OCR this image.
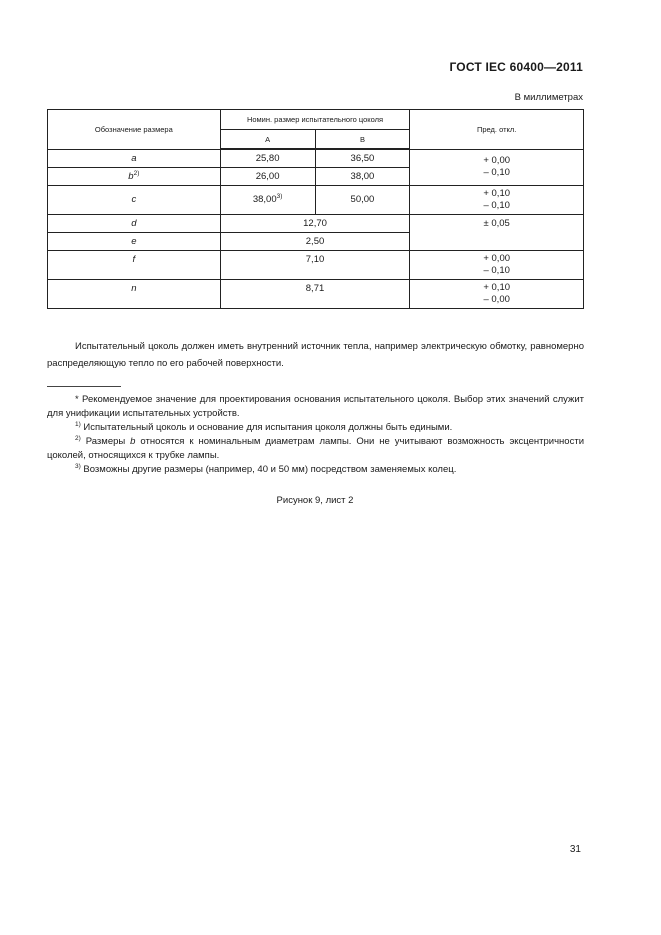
ГОСТ IEC 60400—2011
В миллиметрах
Обозначение размера	Номин. размер испытательного цоколя		Пред. откл.
	A	B	
a	25,80	36,50	+ 0,00
– 0,10

$b^{2)}$	26,00	38,00	
c	38,00$^{3)}$	50,00	+ 0,10
– 0,10

d	12,70		± 0,05
e	2,50		
f	7,10		+ 0,00
– 0,10

n	8,71		+ 0,10
– 0,00
Испытательный цоколь должен иметь внутренний источник тепла, например электрическую обмотку, равномерно распределяющую тепло по его рабочей поверхности.
* Рекомендуемое значение для проектирования основания испытательного цоколя. Выбор этих значений служит для унификации испытательных устройств.
$^{1)}$ Испытательный цоколь и основание для испытания цоколя должны быть едиными.
$^{2)}$ Размеры b относятся к номинальным диаметрам лампы. Они не учитывают возможность эксцентричности цоколей, относящихся к трубке лампы.
$^{3)}$ Возможны другие размеры (например, 40 и 50 мм) посредством заменяемых колец.
Рисунок 9, лист 2
31
